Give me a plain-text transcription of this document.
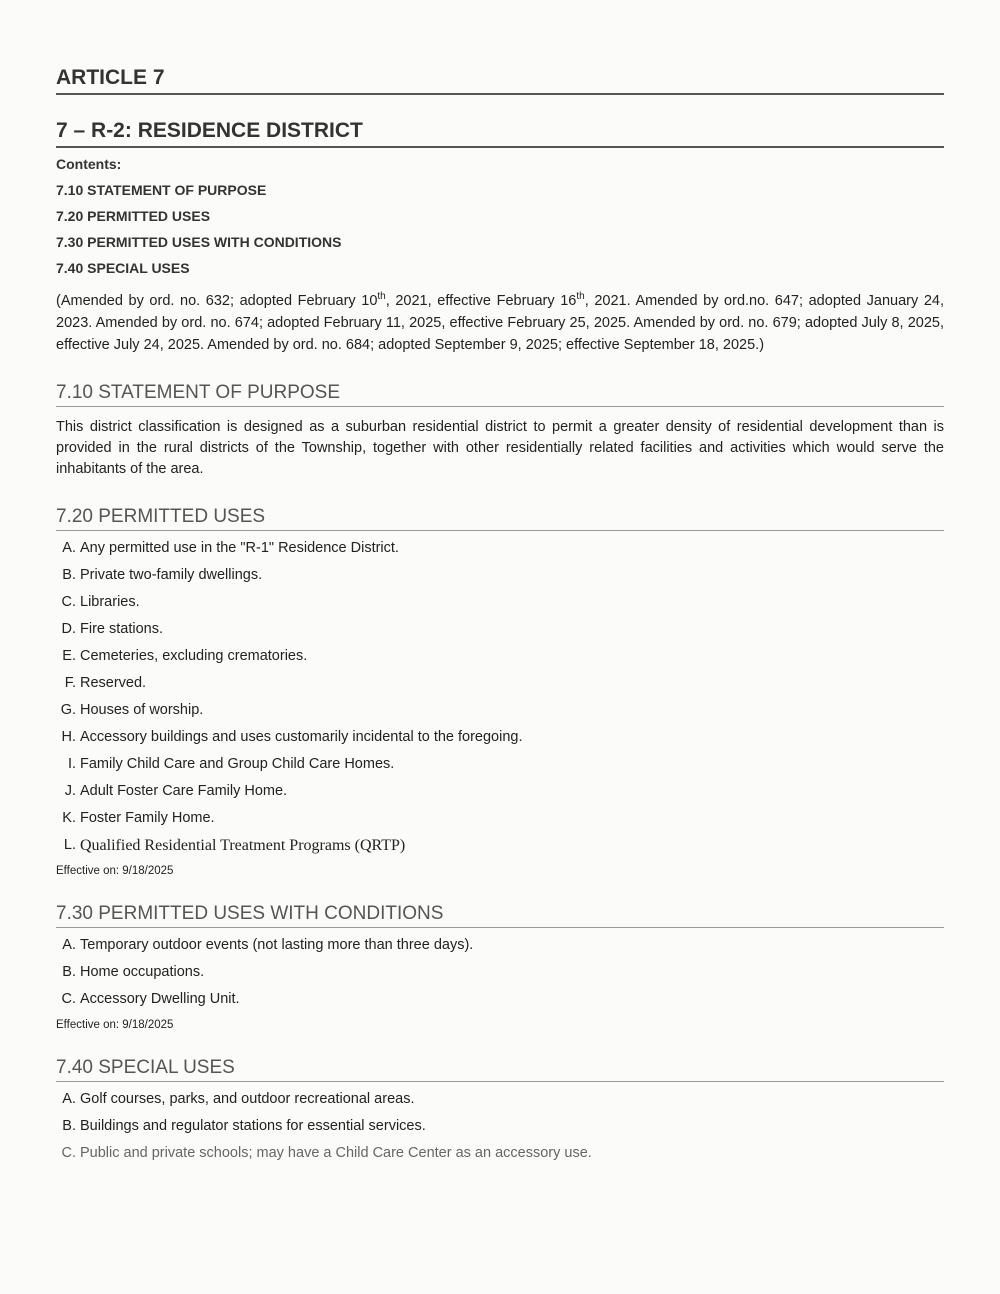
ARTICLE 7
7 – R-2: RESIDENCE DISTRICT
Contents:
7.10 STATEMENT OF PURPOSE
7.20 PERMITTED USES
7.30 PERMITTED USES WITH CONDITIONS
7.40 SPECIAL USES
(Amended by ord. no. 632; adopted February 10th, 2021, effective February 16th, 2021. Amended by ord.no. 647; adopted January 24, 2023. Amended by ord. no. 674; adopted February 11, 2025, effective February 25, 2025. Amended by ord. no. 679; adopted July 8, 2025, effective July 24, 2025. Amended by ord. no. 684; adopted September 9, 2025; effective September 18, 2025.)
7.10 STATEMENT OF PURPOSE
This district classification is designed as a suburban residential district to permit a greater density of residential development than is provided in the rural districts of the Township, together with other residentially related facilities and activities which would serve the inhabitants of the area.
7.20 PERMITTED USES
A. Any permitted use in the "R-1" Residence District.
B. Private two-family dwellings.
C. Libraries.
D. Fire stations.
E. Cemeteries, excluding crematories.
F. Reserved.
G. Houses of worship.
H. Accessory buildings and uses customarily incidental to the foregoing.
I. Family Child Care and Group Child Care Homes.
J. Adult Foster Care Family Home.
K. Foster Family Home.
L. Qualified Residential Treatment Programs (QRTP)
Effective on: 9/18/2025
7.30 PERMITTED USES WITH CONDITIONS
A. Temporary outdoor events (not lasting more than three days).
B. Home occupations.
C. Accessory Dwelling Unit.
Effective on: 9/18/2025
7.40 SPECIAL USES
A. Golf courses, parks, and outdoor recreational areas.
B. Buildings and regulator stations for essential services.
C. Public and private schools; may have a Child Care Center as an accessory use.
